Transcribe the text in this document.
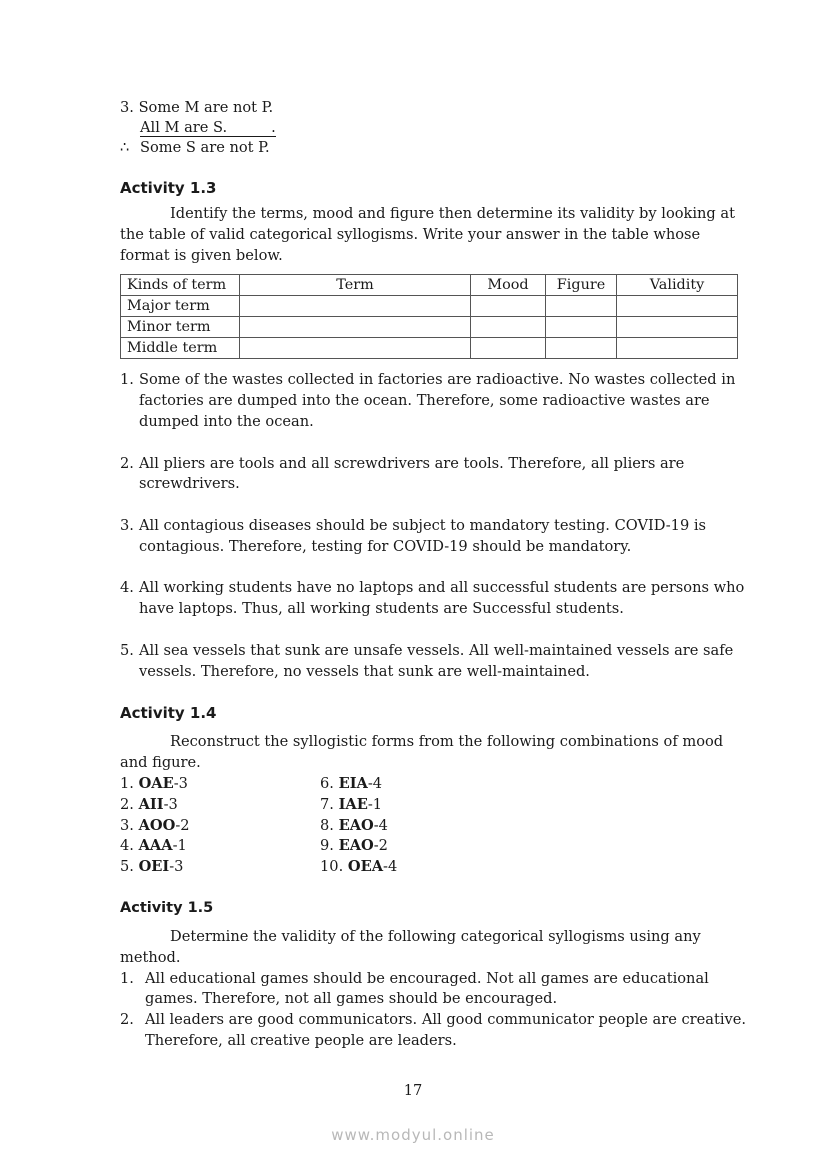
3. Some M are not P.
All M are S.	.
∴ Some S are not P.
Activity 1.3

Identify the terms, mood and figure then determine its validity by looking at the table of valid categorical syllogisms. Write your answer in the table whose format is given below.

Kinds of term	Term	Mood	Figure	Validity
Major term				
Minor term				
Middle term				
1. Some of the wastes collected in factories are radioactive. No wastes collected in factories are dumped into the ocean. Therefore, some radioactive wastes are dumped into the ocean.
2. All pliers are tools and all screwdrivers are tools. Therefore, all pliers are screwdrivers.
3. All contagious diseases should be subject to mandatory testing. COVID-19 is contagious. Therefore, testing for COVID-19 should be mandatory.
4. All working students have no laptops and all successful students are persons who have laptops. Thus, all working students are Successful students.
5. All sea vessels that sunk are unsafe vessels. All well-maintained vessels are safe vessels. Therefore, no vessels that sunk are well-maintained.
Activity 1.4

Reconstruct the syllogistic forms from the following combinations of mood and figure.

1. OAE-3	6. EIA-4
2. AII-3	7. IAE-1
3. AOO-2	8. EAO-4
4. AAA-1	9. EAO-2
5. OEI-3	10. OEA-4
Activity 1.5

Determine the validity of the following categorical syllogisms using any method.

1. All educational games should be encouraged. Not all games are educational games. Therefore, not all games should be encouraged.
2. All leaders are good communicators. All good communicator people are creative. Therefore, all creative people are leaders.
17
www.modyul.online
